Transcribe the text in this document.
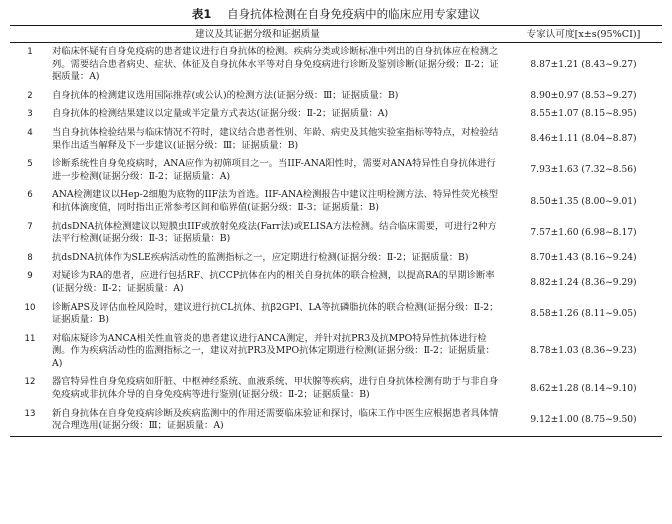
表1 自身抗体检测在自身免疫病中的临床应用专家建议
建议及其证据分级和证据质量		专家认可度[x±s(95%CI)]
1	对临床怀疑有自身免疫病的患者建议进行自身抗体的检测。疾病分类或诊断标准中列出的自身抗体应在检测之列。需要结合患者病史、症状、体征及自身抗体水平等对自身免疫病进行诊断及鉴别诊断(证据分级：Ⅱ-2；证据质量：A)	8.87±1.21 (8.43~9.27)
2	自身抗体的检测建议选用国际推荐(或公认)的检测方法(证据分级：Ⅲ；证据质量：B)	8.90±0.97 (8.53~9.27)
3	自身抗体的检测结果建议以定量或半定量方式表达(证据分级：Ⅱ-2；证据质量：A)	8.55±1.07 (8.15~8.95)
4	当自身抗体检验结果与临床情况不符时，建议结合患者性别、年龄、病史及其他实验室指标等特点，对检验结果作出适当解释及下一步建议(证据分级：Ⅲ；证据质量：B)	8.46±1.11 (8.04~8.87)
5	诊断系统性自身免疫病时，ANA应作为初筛项目之一。当IIF-ANA阳性时，需要对ANA特异性自身抗体进行进一步检测(证据分级：Ⅱ-2；证据质量：A)	7.93±1.63 (7.32~8.56)
6	ANA检测建议以Hep-2细胞为底物的IIF法为首选。IIF-ANA检测报告中建议注明检测方法、特异性荧光核型和抗体滴度值，同时指出正常参考区间和临界值(证据分级：Ⅱ-3；证据质量：B)	8.50±1.35 (8.00~9.01)
7	抗dsDNA抗体检测建议以短膜虫IIF或放射免疫法(Farr法)或ELISA方法检测。结合临床需要，可进行2种方法平行检测(证据分级：Ⅱ-3；证据质量：B)	7.57±1.60 (6.98~8.17)
8	抗dsDNA抗体作为SLE疾病活动性的监测指标之一，应定期进行检测(证据分级：Ⅱ-2；证据质量：B)	8.70±1.43 (8.16~9.24)
9	对疑诊为RA的患者，应进行包括RF、抗CCP抗体在内的相关自身抗体的联合检测，以提高RA的早期诊断率(证据分级：Ⅱ-2；证据质量：A)	8.82±1.24 (8.36~9.29)
10	诊断APS及评估血栓风险时，建议进行抗CL抗体、抗β2GPⅠ、LA等抗磷脂抗体的联合检测(证据分级：Ⅱ-2；证据质量：B)	8.58±1.26 (8.11~9.05)
11	对临床疑诊为ANCA相关性血管炎的患者建议进行ANCA测定，并针对抗PR3及抗MPO特异性抗体进行检测。作为疾病活动性的监测指标之一，建议对抗PR3及MPO抗体定期进行检测(证据分级：Ⅱ-2；证据质量：A)	8.78±1.03 (8.36~9.23)
12	器官特异性自身免疫病如肝脏、中枢神经系统、血液系统、甲状腺等疾病，进行自身抗体检测有助于与非自身免疫病或非抗体介导的自身免疫病等进行鉴别(证据分级：Ⅱ-2；证据质量：B)	8.62±1.28 (8.14~9.10)
13	新自身抗体在自身免疫病诊断及疾病监测中的作用还需要临床验证和探讨，临床工作中医生应根据患者具体情况合理选用(证据分级：Ⅲ；证据质量：A)	9.12±1.00 (8.75~9.50)
